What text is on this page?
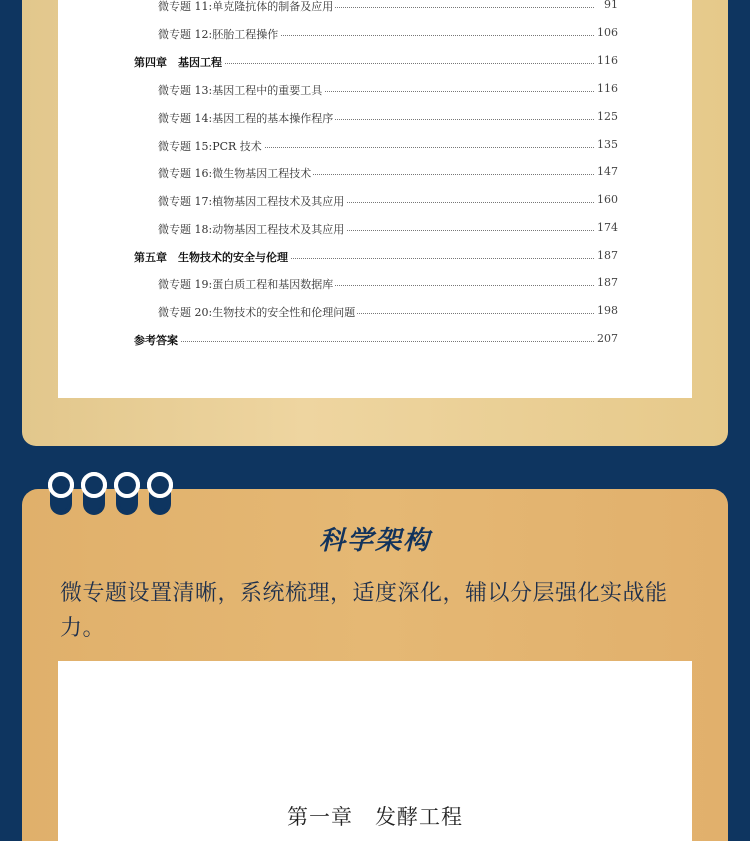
微专题 11:单克隆抗体的制备及应用	91
微专题 12:胚胎工程操作	106
第四章　基因工程	116
微专题 13:基因工程中的重要工具	116
微专题 14:基因工程的基本操作程序	125
微专题 15:PCR 技术	135
微专题 16:微生物基因工程技术	147
微专题 17:植物基因工程技术及其应用	160
微专题 18:动物基因工程技术及其应用	174
第五章　生物技术的安全与伦理	187
微专题 19:蛋白质工程和基因数据库	187
微专题 20:生物技术的安全性和伦理问题	198
参考答案	207
科学架构
微专题设置清晰，系统梳理，适度深化，辅以分层强化实战能力。
第一章　发酵工程
